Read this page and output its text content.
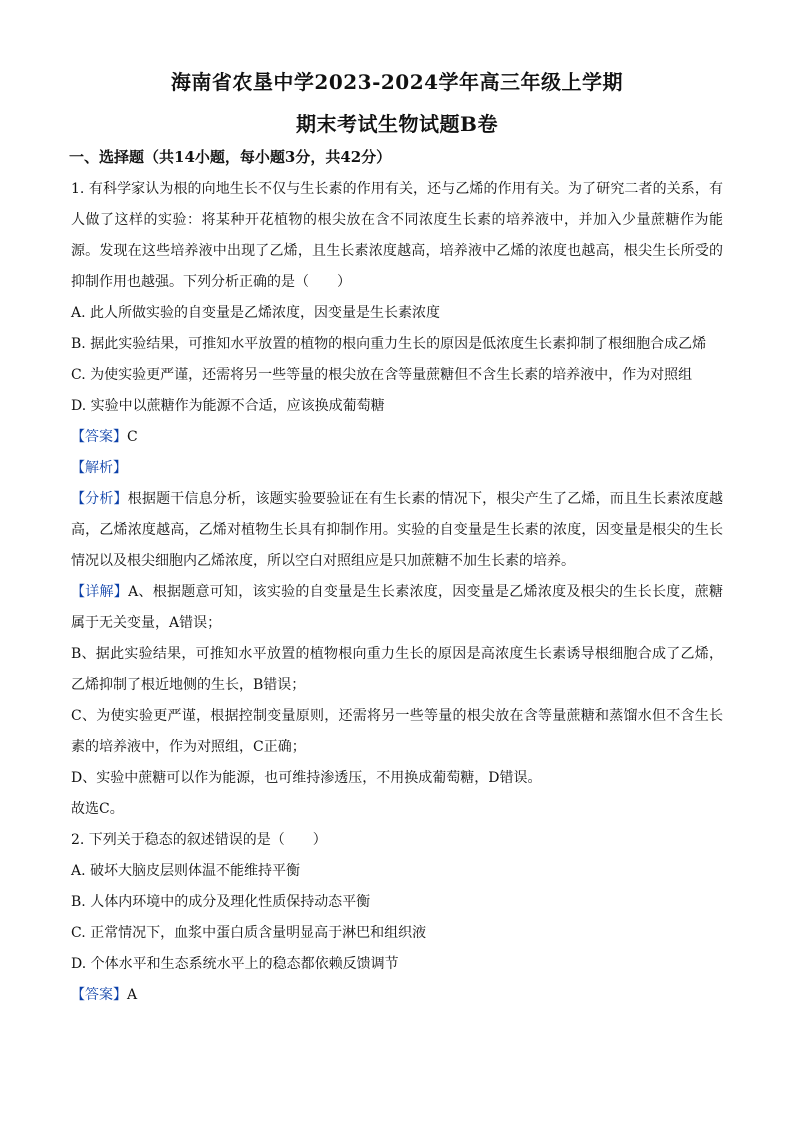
海南省农垦中学2023-2024学年高三年级上学期
期末考试生物试题B卷

一、选择题（共14小题，每小题3分，共42分）

1. 有科学家认为根的向地生长不仅与生长素的作用有关，还与乙烯的作用有关。为了研究二者的关系，有人做了这样的实验：将某种开花植物的根尖放在含不同浓度生长素的培养液中，并加入少量蔗糖作为能源。发现在这些培养液中出现了乙烯，且生长素浓度越高，培养液中乙烯的浓度也越高，根尖生长所受的抑制作用也越强。下列分析正确的是（　　）

A. 此人所做实验的自变量是乙烯浓度，因变量是生长素浓度

B. 据此实验结果，可推知水平放置的植物的根向重力生长的原因是低浓度生长素抑制了根细胞合成乙烯

C. 为使实验更严谨，还需将另一些等量的根尖放在含等量蔗糖但不含生长素的培养液中，作为对照组

D. 实验中以蔗糖作为能源不合适，应该换成葡萄糖

【答案】C

【解析】

【分析】根据题干信息分析，该题实验要验证在有生长素的情况下，根尖产生了乙烯，而且生长素浓度越高，乙烯浓度越高，乙烯对植物生长具有抑制作用。实验的自变量是生长素的浓度，因变量是根尖的生长情况以及根尖细胞内乙烯浓度，所以空白对照组应是只加蔗糖不加生长素的培养。

【详解】A、根据题意可知，该实验的自变量是生长素浓度，因变量是乙烯浓度及根尖的生长长度，蔗糖属于无关变量，A错误；

B、据此实验结果，可推知水平放置的植物根向重力生长的原因是高浓度生长素诱导根细胞合成了乙烯，乙烯抑制了根近地侧的生长，B错误；

C、为使实验更严谨，根据控制变量原则，还需将另一些等量的根尖放在含等量蔗糖和蒸馏水但不含生长素的培养液中，作为对照组，C正确；

D、实验中蔗糖可以作为能源，也可维持渗透压，不用换成葡萄糖，D错误。

故选C。

2. 下列关于稳态的叙述错误的是（　　）

A. 破坏大脑皮层则体温不能维持平衡

B. 人体内环境中的成分及理化性质保持动态平衡

C. 正常情况下，血浆中蛋白质含量明显高于淋巴和组织液

D. 个体水平和生态系统水平上的稳态都依赖反馈调节

【答案】A
